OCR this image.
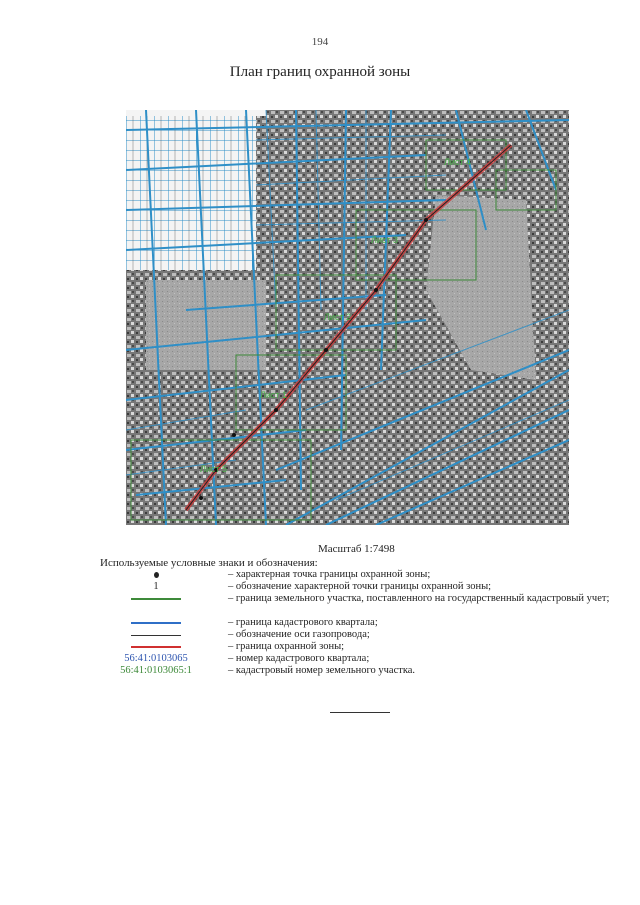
194
План границ охранной зоны
Лист 4
Лист 3
Лист 2
Лист 1
Лист 5
Масштаб 1:7498
Используемые условные знаки и обозначения:
– характерная точка границы охранной зоны;
1	– обозначение характерной точки границы охранной зоны;
– граница земельного участка, поставленного на государственный кадастровый учет;
– граница кадастрового квартала;
– обозначение оси газопровода;
– граница охранной зоны;
56:41:0103065	– номер кадастрового квартала;
56:41:0103065:1	– кадастровый номер земельного участка.
